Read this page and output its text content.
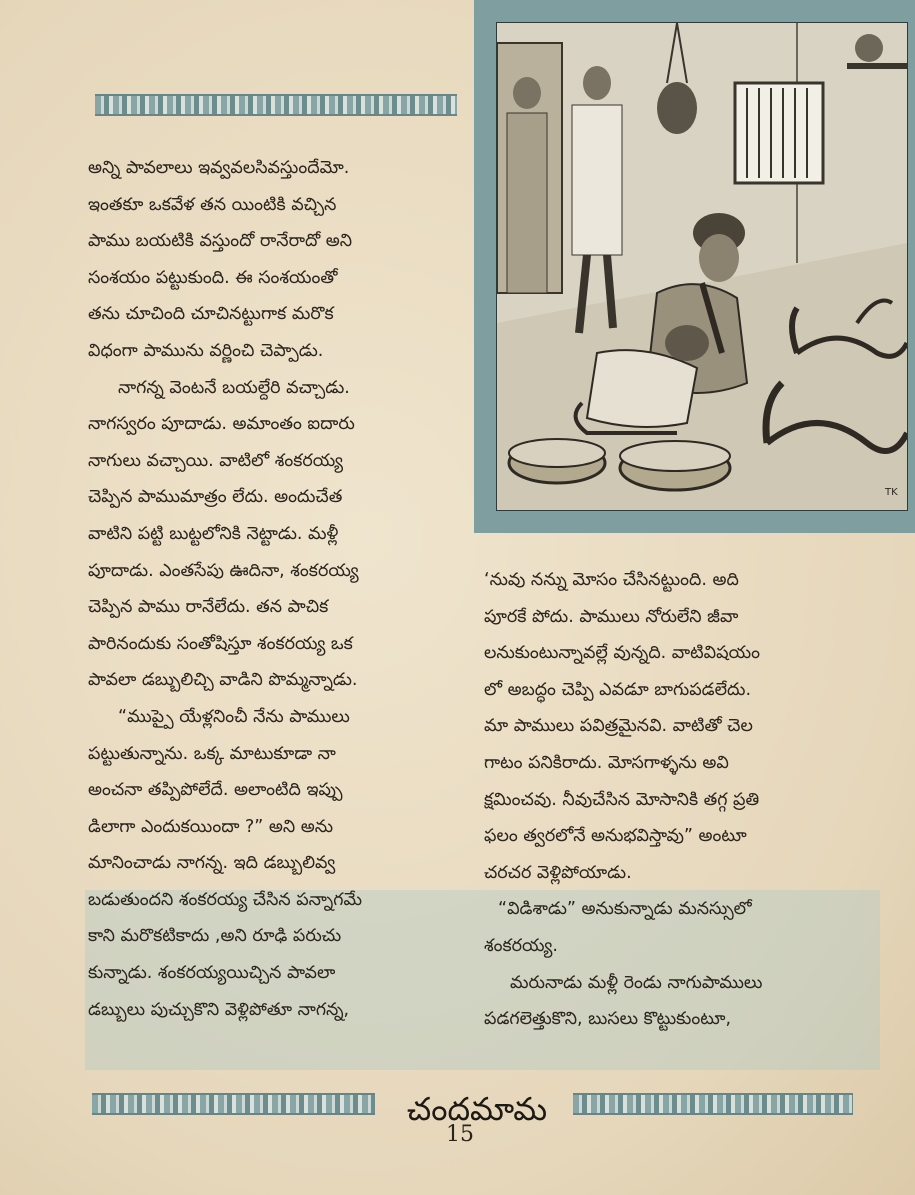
అన్ని పావలాలు ఇవ్వవలసివస్తుందేమో.
ఇంతకూ ఒకవేళ తన యింటికి వచ్చిన
పాము బయటికి వస్తుందో రానేరాదో అని
సంశయం పట్టుకుంది. ఈ సంశయంతో
తను చూచింది చూచినట్టుగాక మరొక
విధంగా పామును వర్ణించి చెప్పాడు.
నాగన్న వెంటనే బయల్దేరి వచ్చాడు.
నాగస్వరం పూదాడు. అమాంతం ఐదారు
నాగులు వచ్చాయి. వాటిలో శంకరయ్య
చెప్పిన పాముమాత్రం లేదు. అందుచేత
వాటిని పట్టి బుట్టలోనికి నెట్టాడు. మళ్లీ
పూదాడు. ఎంతసేపు ఊదినా, శంకరయ్య
చెప్పిన పాము రానేలేదు. తన పాచిక
పారినందుకు సంతోషిస్తూ శంకరయ్య ఒక
పావలా డబ్బులిచ్చి వాడిని పొమ్మన్నాడు.
“ముప్పై యేళ్లనించీ నేను పాములు
పట్టుతున్నాను. ఒక్క మాటుకూడా నా
అంచనా తప్పిపోలేదే. అలాంటిది ఇప్పు
డిలాగా ఎందుకయిందా ?” అని అను
మానించాడు నాగన్న. ఇది డబ్బులివ్వ
బడుతుందని శంకరయ్య చేసిన పన్నాగమే
కాని మరొకటికాదు ,అని రూఢి పరుచు
కున్నాడు. శంకరయ్యయిచ్చిన పావలా
డబ్బులు పుచ్చుకొని వెళ్లిపోతూ నాగన్న,
TK
‘నువు నన్ను మోసం చేసినట్టుంది. అది
పూరకే పోదు. పాములు నోరులేని జీవా
లనుకుంటున్నావల్లే వున్నది. వాటివిషయం
లో అబద్ధం చెప్పి ఎవడూ బాగుపడలేదు.
మా పాములు పవిత్రమైనవి. వాటితో చెల
గాటం పనికిరాదు. మోసగాళ్ళను అవి
క్షమించవు. నీవుచేసిన మోసానికి తగ్గ ప్రతి
ఫలం త్వరలోనే అనుభవిస్తావు” అంటూ
చరచర వెళ్లిపోయాడు.
“విడిశాడు” అనుకున్నాడు మనస్సులో
శంకరయ్య.
మరునాడు మళ్లీ రెండు నాగుపాములు
పడగలెత్తుకొని, బుసలు కొట్టుకుంటూ,
చందమామ
15
